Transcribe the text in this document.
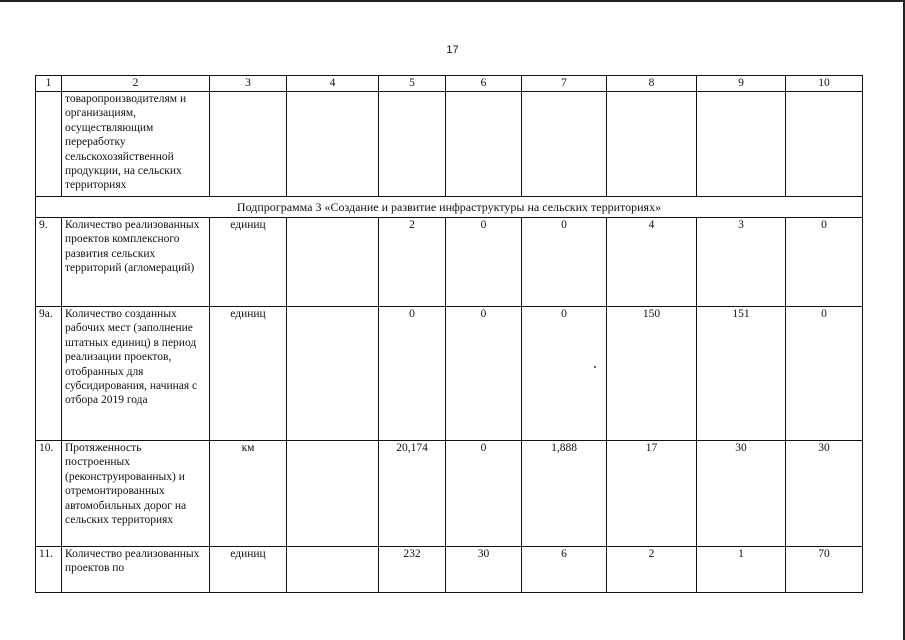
17
1	2	3	4	5	6	7	8	9	10
	товаропроизводителям и организациям, осуществляющим переработку сельскохозяйственной продукции, на сельских территориях								
Подпрограмма 3 «Создание и развитие инфраструктуры на сельских территориях»									
9.	Количество реализованных проектов комплексного развития сельских территорий (агломераций)	единиц		2	0	0	4	3	0
9а.	Количество созданных рабочих мест (заполнение штатных единиц) в период реализации проектов, отобранных для субсидирования, начиная с отбора 2019 года	единиц		0	0	0	150	151	0
10.	Протяженность построенных (реконструированных) и отремонтированных автомобильных дорог на сельских территориях	км		20,174	0	1,888	17	30	30
11.	Количество реализованных проектов по	единиц		232	30	6	2	1	70
